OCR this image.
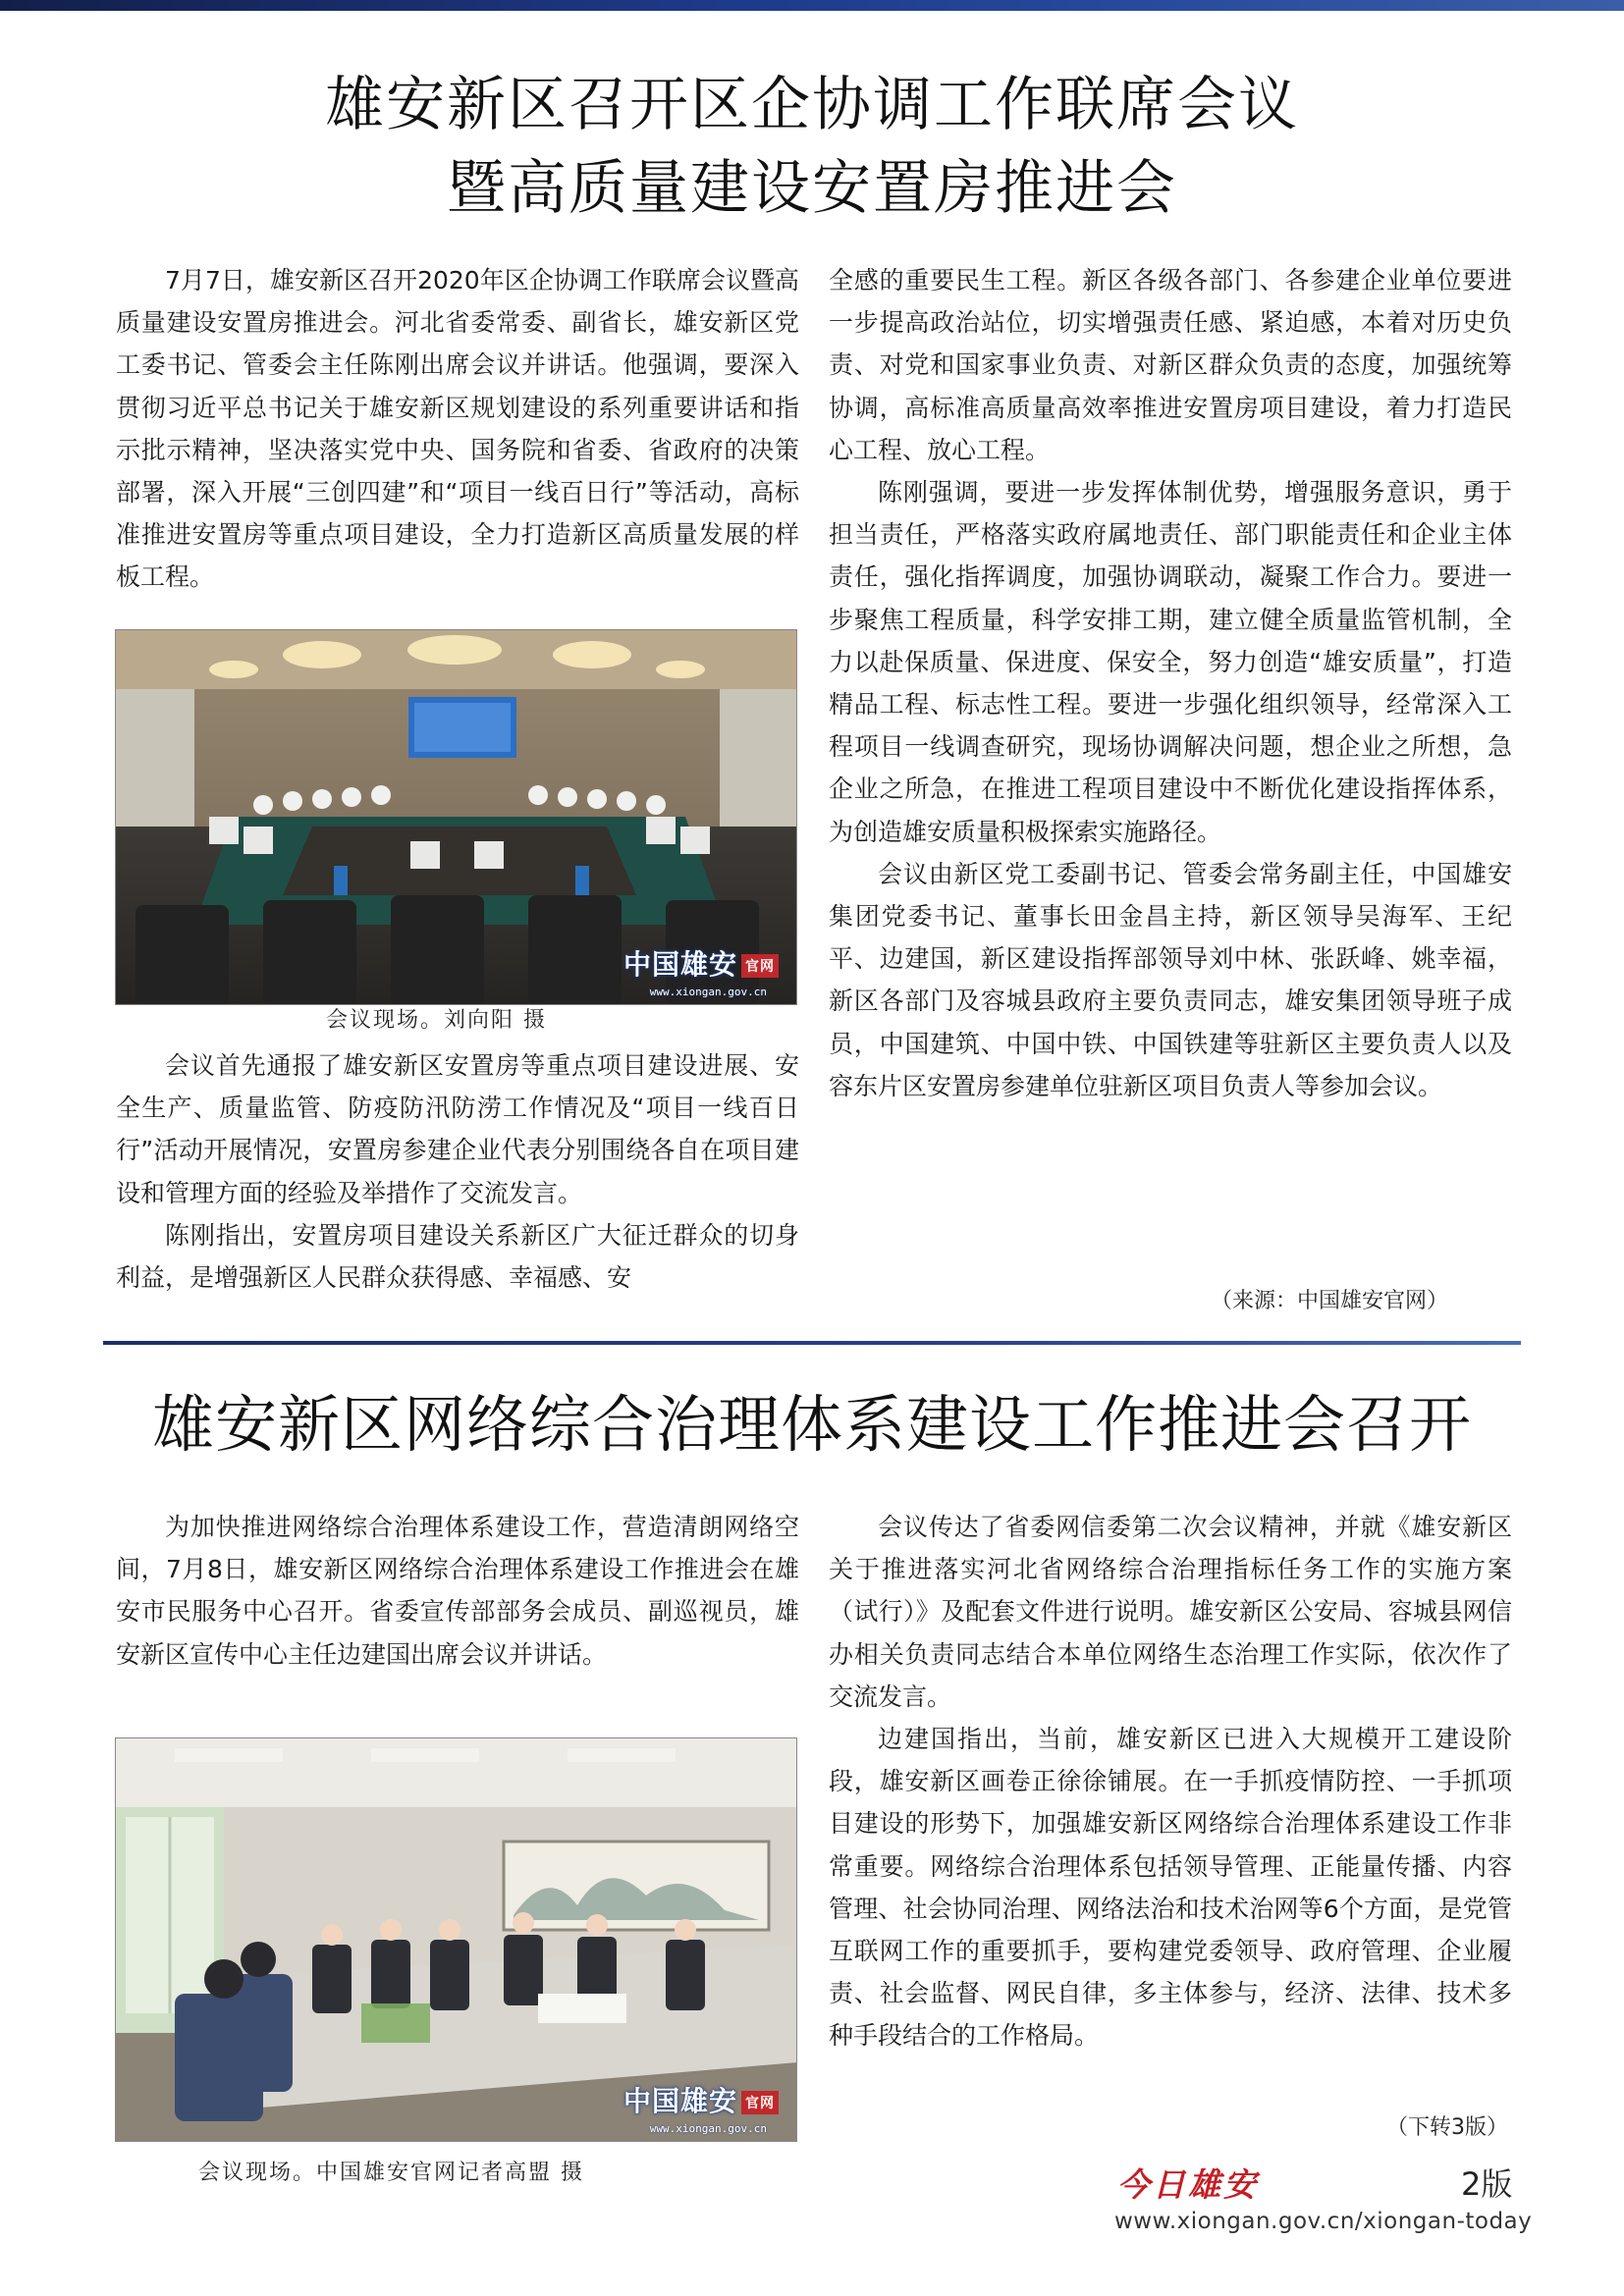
雄安新区召开区企协调工作联席会议
暨高质量建设安置房推进会

7月7日，雄安新区召开2020年区企协调工作联席会议暨高质量建设安置房推进会。河北省委常委、副省长，雄安新区党工委书记、管委会主任陈刚出席会议并讲话。他强调，要深入贯彻习近平总书记关于雄安新区规划建设的系列重要讲话和指示批示精神，坚决落实党中央、国务院和省委、省政府的决策部署，深入开展“三创四建”和“项目一线百日行”等活动，高标准推进安置房等重点项目建设，全力打造新区高质量发展的样板工程。

中国雄安 官网
www.xiongan.gov.cn
会议现场。刘向阳 摄

会议首先通报了雄安新区安置房等重点项目建设进展、安全生产、质量监管、防疫防汛防涝工作情况及“项目一线百日行”活动开展情况，安置房参建企业代表分别围绕各自在项目建设和管理方面的经验及举措作了交流发言。

陈刚指出，安置房项目建设关系新区广大征迁群众的切身利益，是增强新区人民群众获得感、幸福感、安

全感的重要民生工程。新区各级各部门、各参建企业单位要进一步提高政治站位，切实增强责任感、紧迫感，本着对历史负责、对党和国家事业负责、对新区群众负责的态度，加强统筹协调，高标准高质量高效率推进安置房项目建设，着力打造民心工程、放心工程。

陈刚强调，要进一步发挥体制优势，增强服务意识，勇于担当责任，严格落实政府属地责任、部门职能责任和企业主体责任，强化指挥调度，加强协调联动，凝聚工作合力。要进一步聚焦工程质量，科学安排工期，建立健全质量监管机制，全力以赴保质量、保进度、保安全，努力创造“雄安质量”，打造精品工程、标志性工程。要进一步强化组织领导，经常深入工程项目一线调查研究，现场协调解决问题，想企业之所想，急企业之所急，在推进工程项目建设中不断优化建设指挥体系，为创造雄安质量积极探索实施路径。

会议由新区党工委副书记、管委会常务副主任，中国雄安集团党委书记、董事长田金昌主持，新区领导吴海军、王纪平、边建国，新区建设指挥部领导刘中林、张跃峰、姚幸福，新区各部门及容城县政府主要负责同志，雄安集团领导班子成员，中国建筑、中国中铁、中国铁建等驻新区主要负责人以及容东片区安置房参建单位驻新区项目负责人等参加会议。

（来源：中国雄安官网）
雄安新区网络综合治理体系建设工作推进会召开

为加快推进网络综合治理体系建设工作，营造清朗网络空间，7月8日，雄安新区网络综合治理体系建设工作推进会在雄安市民服务中心召开。省委宣传部部务会成员、副巡视员，雄安新区宣传中心主任边建国出席会议并讲话。

中国雄安 官网
www.xiongan.gov.cn
会议现场。中国雄安官网记者高盟 摄

会议传达了省委网信委第二次会议精神，并就《雄安新区关于推进落实河北省网络综合治理指标任务工作的实施方案（试行）》及配套文件进行说明。雄安新区公安局、容城县网信办相关负责同志结合本单位网络生态治理工作实际，依次作了交流发言。

边建国指出，当前，雄安新区已进入大规模开工建设阶段，雄安新区画卷正徐徐铺展。在一手抓疫情防控、一手抓项目建设的形势下，加强雄安新区网络综合治理体系建设工作非常重要。网络综合治理体系包括领导管理、正能量传播、内容管理、社会协同治理、网络法治和技术治网等6个方面，是党管互联网工作的重要抓手，要构建党委领导、政府管理、企业履责、社会监督、网民自律，多主体参与，经济、法律、技术多种手段结合的工作格局。

（下转3版）
今日雄安	2版
www.xiongan.gov.cn/xiongan-today
